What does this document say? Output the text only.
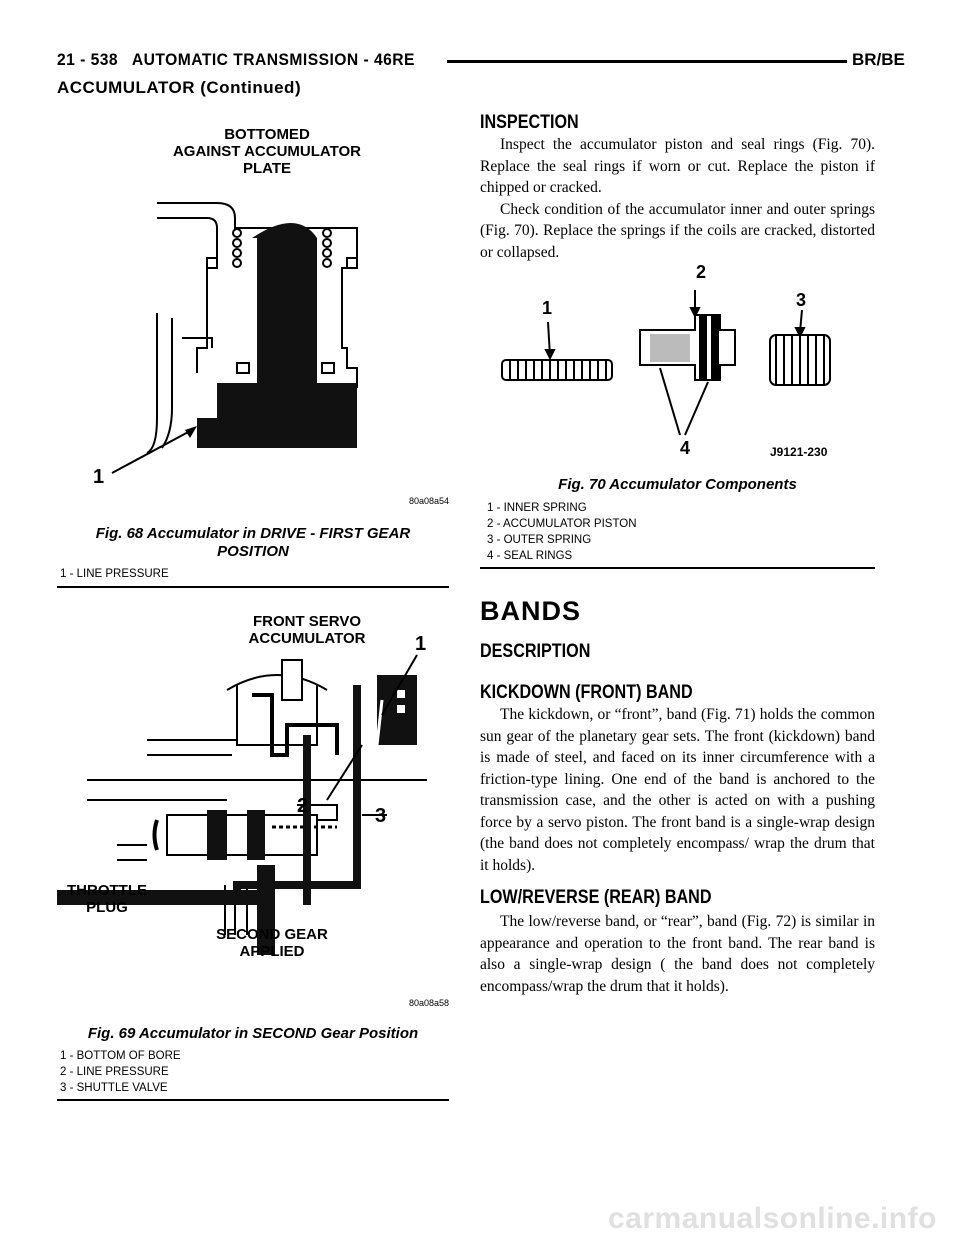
21 - 538   AUTOMATIC TRANSMISSION - 46RE	BR/BE
ACCUMULATOR (Continued)
BOTTOMED
AGAINST ACCUMULATOR
PLATE
1
80a08a54
Fig. 68 Accumulator in DRIVE - FIRST GEAR
POSITION
1 - LINE PRESSURE
FRONT SERVO
ACCUMULATOR	1
2	3
6
THROTTLE
PLUG
SECOND GEAR
APPLIED
80a08a58
Fig. 69 Accumulator in SECOND Gear Position
1 - BOTTOM OF BORE
2 - LINE PRESSURE
3 - SHUTTLE VALVE
INSPECTION

Inspect the accumulator piston and seal rings (Fig. 70). Replace the seal rings if worn or cut. Replace the piston if chipped or cracked.

Check condition of the accumulator inner and outer springs (Fig. 70). Replace the springs if the coils are cracked, distorted or collapsed.

1
2
3
4	J9121-230
Fig. 70 Accumulator Components
1 - INNER SPRING
2 - ACCUMULATOR PISTON
3 - OUTER SPRING
4 - SEAL RINGS
BANDS
DESCRIPTION
KICKDOWN (FRONT) BAND

The kickdown, or “front”, band (Fig. 71) holds the common sun gear of the planetary gear sets. The front (kickdown) band is made of steel, and faced on its inner circumference with a friction-type lining. One end of the band is anchored to the transmission case, and the other is acted on with a pushing force by a servo piston. The front band is a single-wrap design (the band does not completely encompass/ wrap the drum that it holds).

LOW/REVERSE (REAR) BAND

The low/reverse band, or “rear”, band (Fig. 72) is similar in appearance and operation to the front band. The rear band is also a single-wrap design ( the band does not completely encompass/wrap the drum that it holds).

carmanualsonline.info
